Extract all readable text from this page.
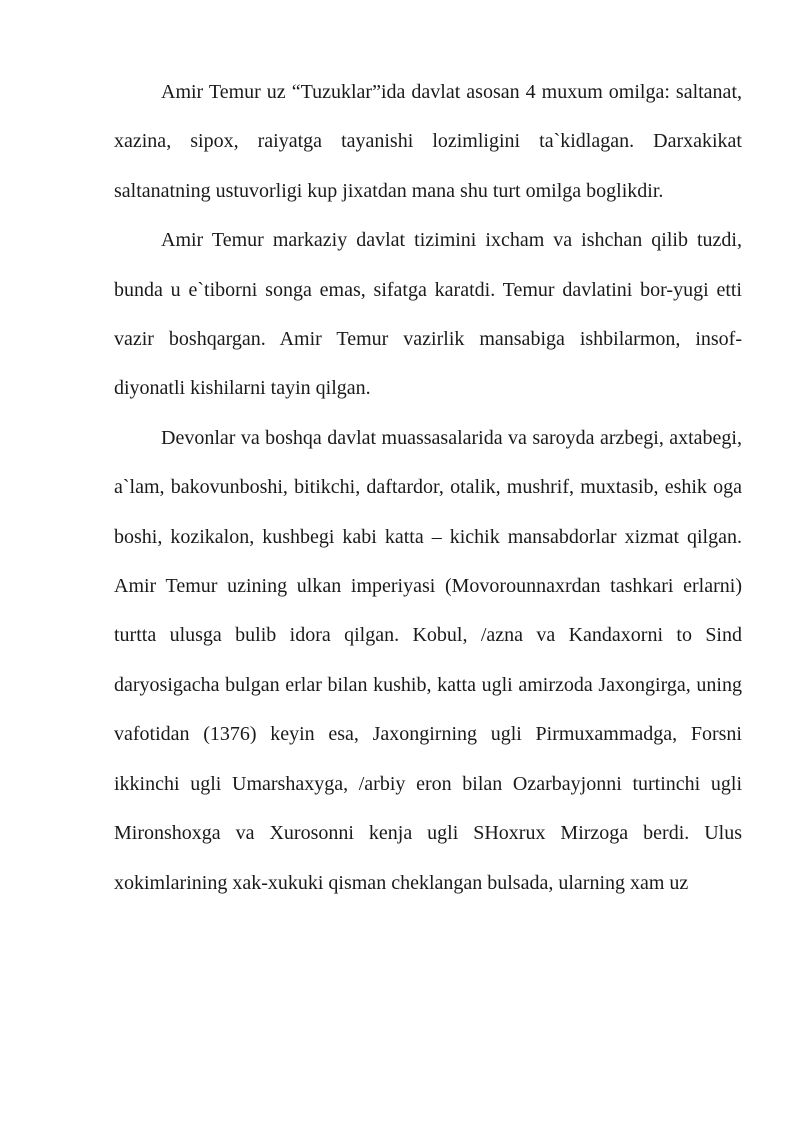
Amir Temur uz “Tuzuklar”ida davlat asosan 4 muxum omilga: saltanat, xazina, sipox, raiyatga tayanishi lozimligini ta`kidlagan. Darxakikat saltanatning ustuvorligi kup jixatdan mana shu turt omilga boglikdir.

Amir Temur markaziy davlat tizimini ixcham va ishchan qilib tuzdi, bunda u e`tiborni songa emas, sifatga karatdi. Temur davlatini bor-yugi etti vazir boshqargan. Amir Temur vazirlik mansabiga ishbilarmon, insof-diyonatli kishilarni tayin qilgan.

Devonlar va boshqa davlat muassasalarida va saroyda arzbegi, axtabegi, a`lam, bakovunboshi, bitikchi, daftardor, otalik, mushrif, muxtasib, eshik oga boshi, kozikalon, kushbegi kabi katta – kichik mansabdorlar xizmat qilgan. Amir Temur uzining ulkan imperiyasi (Movorounnaxrdan tashkari erlarni) turtta ulusga bulib idora qilgan. Kobul, /azna va Kandaxorni to Sind daryosigacha bulgan erlar bilan kushib, katta ugli amirzoda Jaxongirga, uning vafotidan (1376) keyin esa, Jaxongirning ugli Pirmuxammadga, Forsni ikkinchi ugli Umarshaxyga, /arbiy eron bilan Ozarbayjonni turtinchi ugli Mironshoxga va Xurosonni kenja ugli SHoxrux Mirzoga berdi. Ulus xokimlarining xak-xukuki qisman cheklangan bulsada, ularning xam uz
